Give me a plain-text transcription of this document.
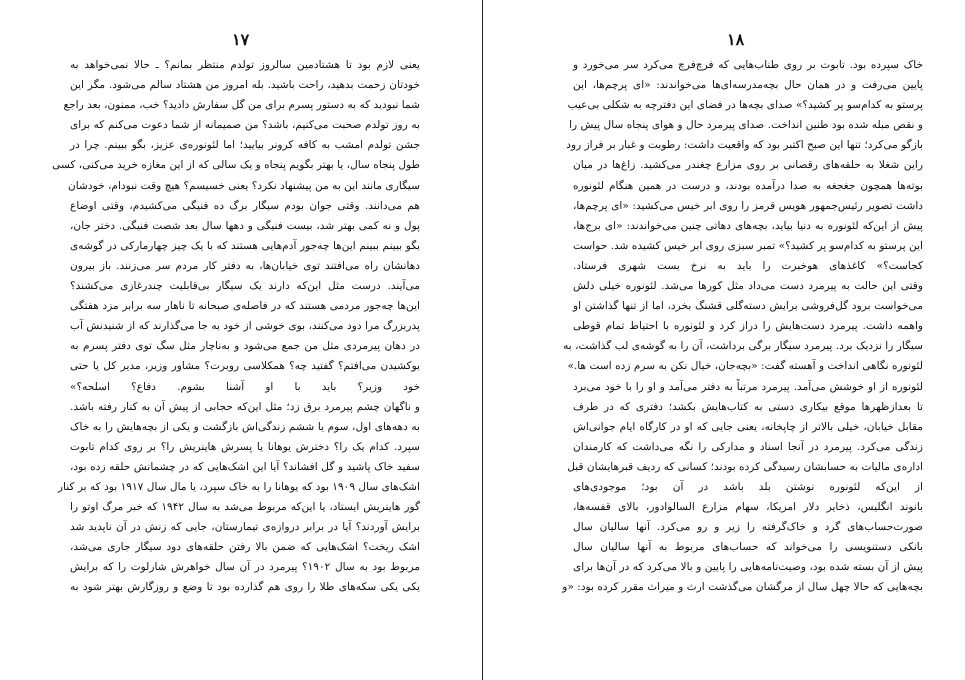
۱۷
یعنی لازم بود تا هشتادمین سالروز تولدم منتظر بمانم؟ ـ حالا نمی‌خواهد به
خودتان زحمت بدهید، راحت باشید. بله امروز من هشتاد سالم می‌شود. مگر این
شما نبودید که به دستور پسرم برای من گل سفارش دادید؟ خب، ممنون، بعد راجع
به روز تولدم صحبت می‌کنیم، باشد؟ من صمیمانه از شما دعوت می‌کنم که برای
جشن تولدم امشب به کافه کرونر بیایید؛ اما لئونوره‌ی عزیز، بگو ببینم. چرا در
طول پنجاه سال، یا بهتر بگویم پنجاه و یک سالی که از این مغازه خرید می‌کنی، کسی
سیگاری مانند این به من پیشنهاد نکرد؟ یعنی خسیسم؟ هیچ وقت نبودام، خودشان
هم می‌دانند. وقتی جوان بودم سیگار برگ ده فنیگی می‌کشیدم، وقتی اوضاع
پول و نه کمی بهتر شد، بیست فنیگی و دهها سال بعد شصت فنیگی. دختر جان،
بگو ببینم ببینم این‌ها چه‌جور آدم‌هایی هستند که با یک چیز چهارمارکی در گوشه‌ی
دهانشان راه می‌افتند توی خیابان‌ها، به دفتر کار مردم سر می‌زنند. باز بیرون
می‌آیند. درست مثل این‌که دارند یک سیگار بی‌قابلیت چندرغازی می‌کشند؟
این‌ها چه‌جور مردمی هستند که در فاصله‌ی صبحانه تا ناهار سه برابر مزد هفتگی
پدربزرگ مرا دود می‌کنند، بوی خوشی از خود به جا می‌گذارند که از شنیدنش آب
در دهان پیرمردی مثل من جمع می‌شود و به‌ناچار مثل سگ توی دفتر پسرم به
بوکشیدن می‌افتم؟ گفتید چه؟ همکلاسی روبرت؟ مشاور وزیر، مدیر کل یا حتی
خود وزیر؟ باید با او آشنا بشوم. دفاع؟ اسلحه؟»
و ناگهان چشم پیرمرد برق زد؛ مثل این‌که حجابی از پیش آن به کنار رفته باشد.
به دهه‌های اول، سوم یا ششم زندگی‌اش بازگشت و یکی از بچه‌هایش را به خاک
سپرد. کدام یک را؟ دخترش یوهانا یا پسرش هاینریش را؟ بر روی کدام تابوت
سفید خاک پاشید و گل افشاند؟ آیا این اشک‌هایی که در چشمانش حلقه زده بود،
اشک‌های سال ۱۹۰۹ بود که یوهانا را به خاک سپرد، یا مال سال ۱۹۱۷ بود که بر کنار
گور هاینریش ایستاد، یا این‌که مربوط می‌شد به سال ۱۹۴۲ که خبر مرگ اوتو را
برایش آوردند؟ آیا در برابر دروازه‌ی تیمارستان، جایی که زنش در آن ناپدید شد
اشک ریخت؟ اشک‌هایی که ضمن بالا رفتن حلقه‌های دود سیگار جاری می‌شد،
مربوط بود به سال ۱۹۰۲؟ پیرمرد در آن سال خواهرش شارلوت را که برایش
یکی یکی سکه‌های طلا را روی هم گذارده بود تا وضع و روزگارش بهتر شود به
۱۸
خاک سپرده بود. تابوت بر روی طناب‌هایی که فرچ‌فرچ می‌کرد سر می‌خورد و
پایین می‌رفت و در همان حال بچه‌مدرسه‌ای‌ها می‌خواندند: «ای پرچم‌ها، این
پرستو به کدام‌سو پر کشید؟» صدای بچه‌ها در فضای این دفترچه به شکلی بی‌عیب
و نقص مبله شده بود طنین انداخت. صدای پیرمرد حال و هوای پنجاه سال پیش را
بازگو می‌کرد؛ تنها این صبح اکتبر بود که واقعیت داشت: رطوبت و غبار بر فراز رود
راین شغلا به حلقه‌های رقصانی بر روی مزارع چغندر می‌کشید. زاغ‌ها در میان
بوته‌ها همچون جغجغه به صدا درآمده بودند، و درست در همین هنگام لئونوره
داشت تصویر رئیس‌جمهور هویس قرمز را روی ابر خیس می‌کشید: «ای پرچم‌ها،
پیش از این‌که لئونوره به دنیا بیاید، بچه‌های دهاتی چنین می‌خواندند: «ای برج‌ها،
این پرستو به کدام‌سو پر کشید؟» تمبر سبزی روی ابر خیس کشیده شد. حواست
کجاست؟» کاغذهای هوخبرت را باید به نرخ بست شهری فرستاد.
وقتی این حالت به پیرمرد دست می‌داد مثل کورها می‌شد. لئونوره خیلی دلش
می‌خواست برود گل‌فروشی برایش دسته‌گلی قشنگ بخرد، اما از تنها گذاشتن او
واهمه داشت. پیرمرد دست‌هایش را دراز کرد و لئونوره با احتیاط تمام قوطی
سیگار را نزدیک برد. پیرمرد سیگار برگی برداشت، آن را به گوشه‌ی لب گذاشت، به
لئونوره نگاهی انداخت و آهسته گفت: «بچه‌جان، خیال نکن به سرم زده است ها.»
لئونوره از او خوشش می‌آمد. پیرمرد مرتباً به دفتر می‌آمد و او را با خود می‌برد
تا بعدازظهرها موقع بیکاری دستی به کتاب‌هایش بکشد؛ دفتری که در طرف
مقابل خیابان، خیلی بالاتر از چاپخانه، یعنی جایی که او در کارگاه ایام جوانی‌اش
زندگی می‌کرد. پیرمرد در آنجا اسناد و مدارکی را نگه می‌داشت که کارمندان
اداره‌ی مالیات به حسابشان رسیدگی کرده بودند؛ کسانی که ردیف قبرهایشان قبل
از این‌که لئونوره نوشتن بلد باشد در آن بود؛ موجودی‌های
بانوند انگلیس، ذخایر دلار امریکا، سهام مزارع السالوادور، بالای قفسه‌ها،
صورت‌حساب‌های گرد و خاک‌گرفته را زیر و رو می‌کرد. آنها سالیان سال
بانکی دستنویسی را می‌خواند که حساب‌های مربوط به آنها سالیان سال
پیش از آن بسته شده بود، وصیت‌نامه‌هایی را پایین و بالا می‌کرد که در آن‌ها برای
بچه‌هایی که حالا چهل سال از مرگشان می‌گذشت ارث و میراث مقرر کرده بود: «و
